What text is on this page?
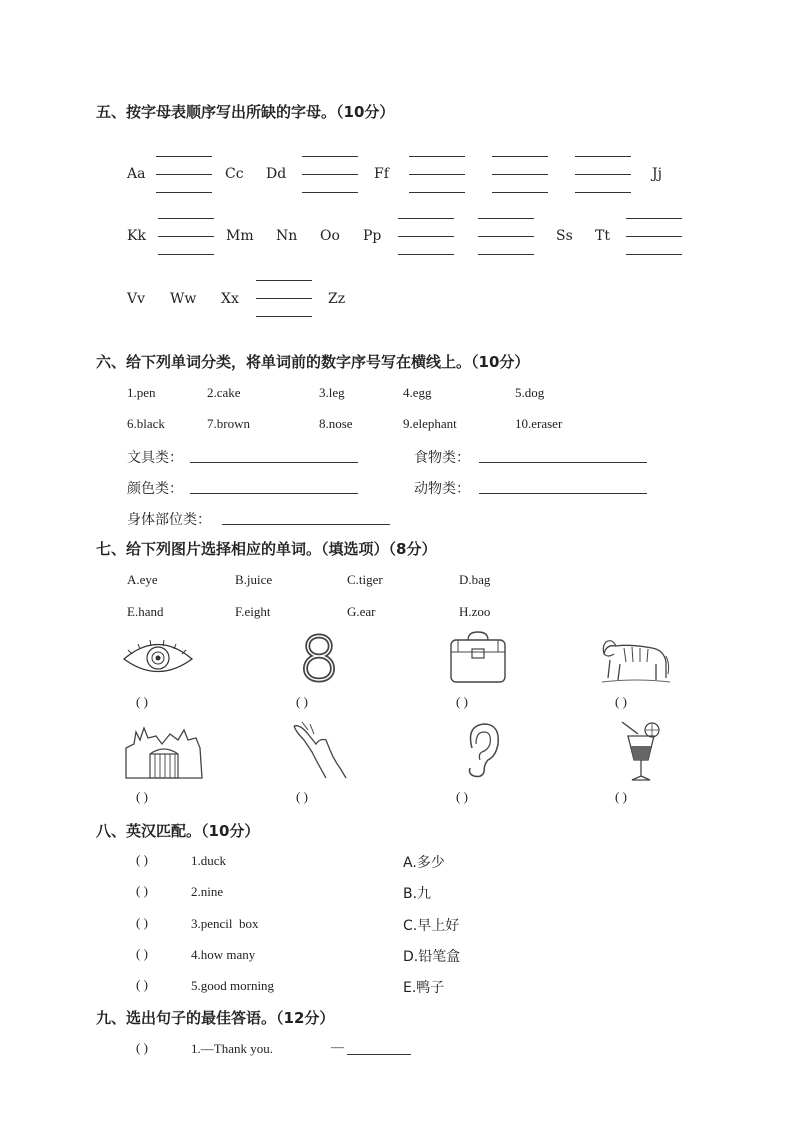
五、按字母表顺序写出所缺的字母。（10分）
Aa	Cc Dd	Ff	Jj
Kk	Mm Nn Oo Pp	Ss Tt
Vv Ww Xx	Zz
六、给下列单词分类，将单词前的数字序号写在横线上。（10分）
1.pen	2.cake	3.leg	4.egg	5.dog
6.black	7.brown	8.nose	9.elephant	10.eraser
文具类：	食物类：
颜色类：	动物类：
身体部位类：
七、给下列图片选择相应的单词。（填选项）（8分）
A.eye	B.juice	C.tiger	D.bag
E.hand	F.eight	G.ear	H.zoo
( )	( )	( )	( )
( )	( )	( )	( )
八、英汉匹配。（10分）
( )	1.duck	A.多少
( )	2.nine	B.九
( )	3.pencil  box	C.早上好
( )	4.how many	D.铅笔盒
( )	5.good morning	E.鸭子
九、选出句子的最佳答语。（12分）
( )	1.—Thank you.	—
